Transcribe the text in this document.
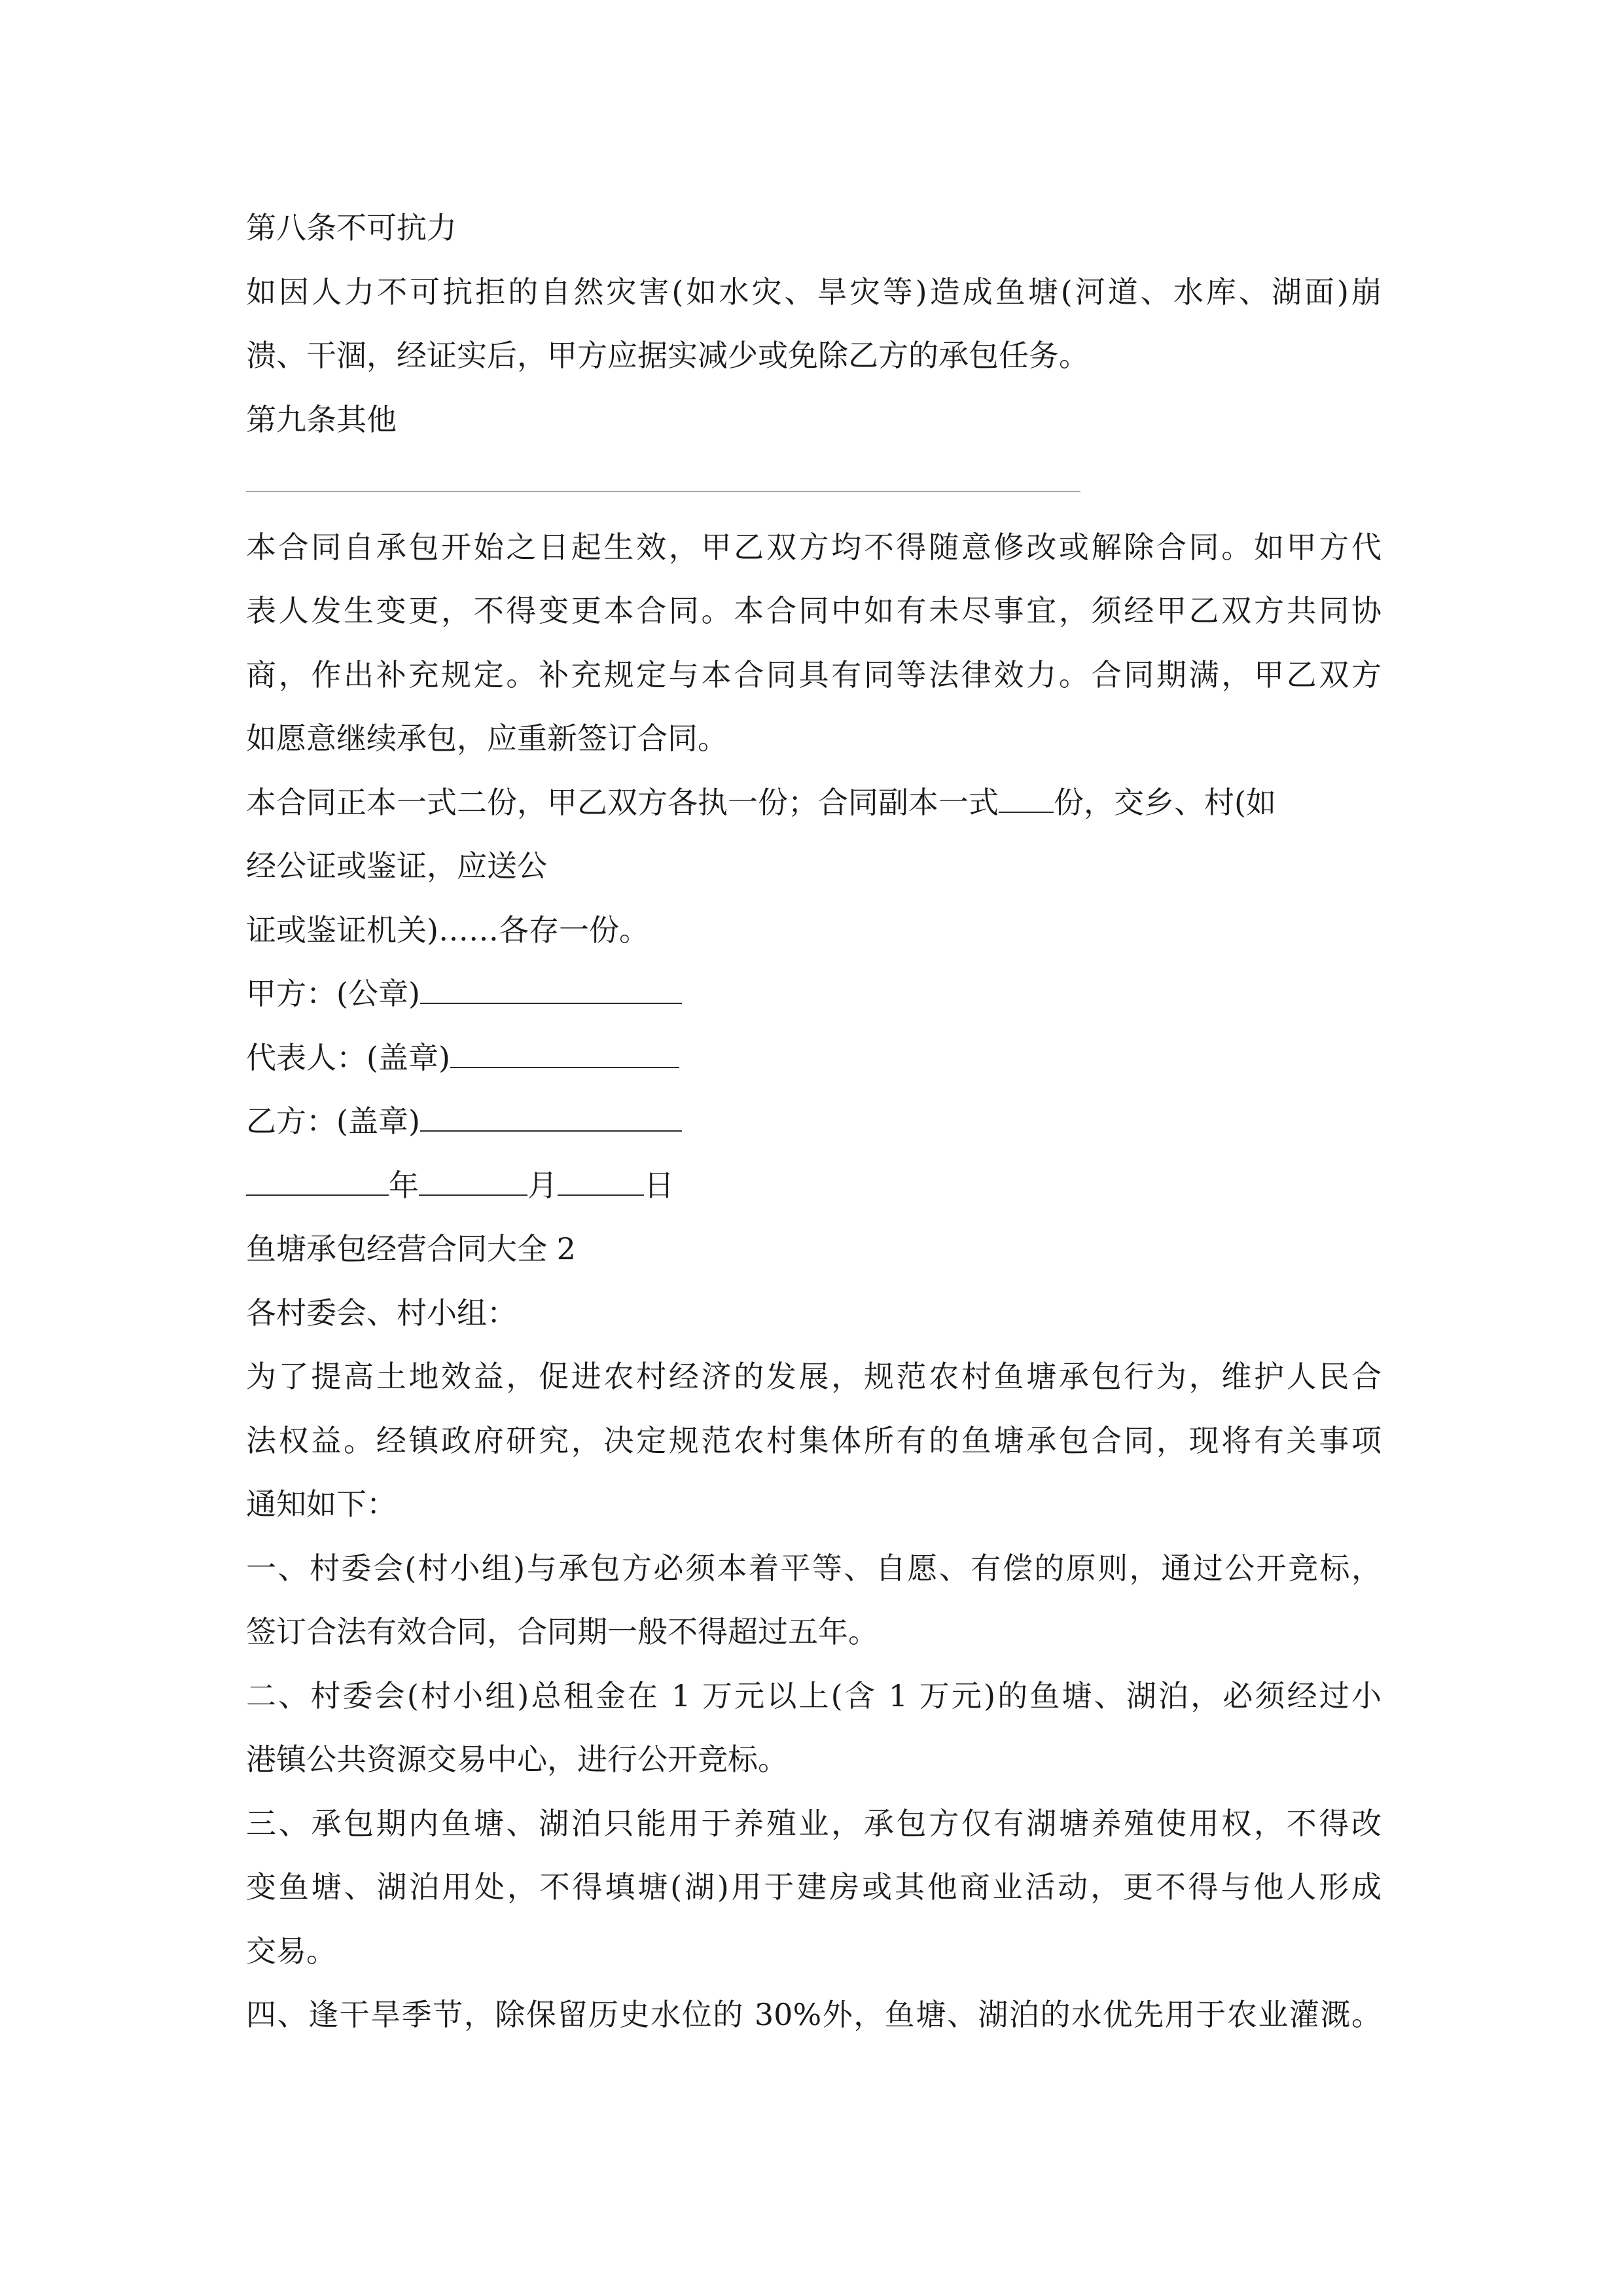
第八条不可抗力
如因人力不可抗拒的自然灾害(如水灾、旱灾等)造成鱼塘(河道、水库、湖面)崩
溃、干涸，经证实后，甲方应据实减少或免除乙方的承包任务。
第九条其他
本合同自承包开始之日起生效，甲乙双方均不得随意修改或解除合同。如甲方代
表人发生变更，不得变更本合同。本合同中如有未尽事宜，须经甲乙双方共同协
商，作出补充规定。补充规定与本合同具有同等法律效力。合同期满，甲乙双方
如愿意继续承包，应重新签订合同。
本合同正本一式二份，甲乙双方各执一份；合同副本一式 份，交乡、村(如
经公证或鉴证，应送公
证或鉴证机关)……各存一份。
甲方：(公章)
代表人：(盖章)
乙方：(盖章)
年	月	日
鱼塘承包经营合同大全 2
各村委会、村小组：
为了提高土地效益，促进农村经济的发展，规范农村鱼塘承包行为，维护人民合
法权益。经镇政府研究，决定规范农村集体所有的鱼塘承包合同，现将有关事项
通知如下：
一、村委会(村小组)与承包方必须本着平等、自愿、有偿的原则，通过公开竞标，
签订合法有效合同，合同期一般不得超过五年。
二、村委会(村小组)总租金在 1 万元以上(含 1 万元)的鱼塘、湖泊，必须经过小
港镇公共资源交易中心，进行公开竞标。
三、承包期内鱼塘、湖泊只能用于养殖业，承包方仅有湖塘养殖使用权，不得改
变鱼塘、湖泊用处，不得填塘(湖)用于建房或其他商业活动，更不得与他人形成
交易。
四、逢干旱季节，除保留历史水位的 30%外，鱼塘、湖泊的水优先用于农业灌溉。
